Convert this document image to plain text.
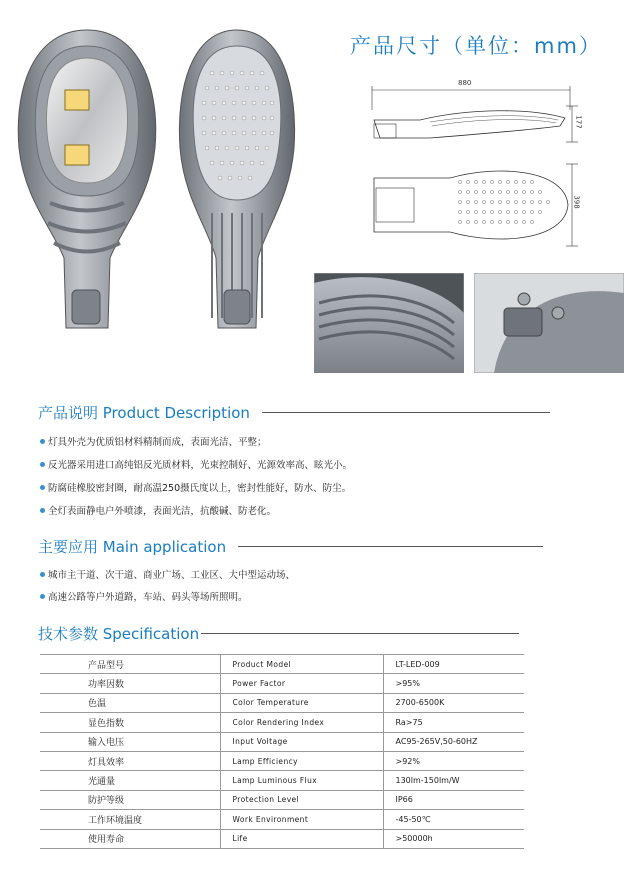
产品尺寸（单位：mm）
880
177
398
产品说明 Product Description
灯具外壳为优质铝材料精制而成，表面光洁、平整；
反光器采用进口高纯铝反光质材料，光束控制好、光源效率高、眩光小。
防腐硅橡胶密封圈，耐高温250摄氏度以上，密封性能好，防水、防尘。
全灯表面静电户外喷漆，表面光洁，抗酸碱、防老化。
主要应用 Main application
城市主干道、次干道、商业广场、工业区、大中型运动场、
高速公路等户外道路，车站、码头等场所照明。
技术参数 Specification
产品型号	Product Model	LT-LED-009
功率因数	Power Factor	>95%
色温	Color Temperature	2700-6500K
显色指数	Color Rendering Index	Ra>75
输入电压	Input Voltage	AC95-265V,50-60HZ
灯具效率	Lamp Efficiency	>92%
光通量	Lamp Luminous Flux	130lm-150lm/W
防护等级	Protection Level	IP66
工作环境温度	Work Environment	-45-50℃
使用寿命	Life	>50000h
